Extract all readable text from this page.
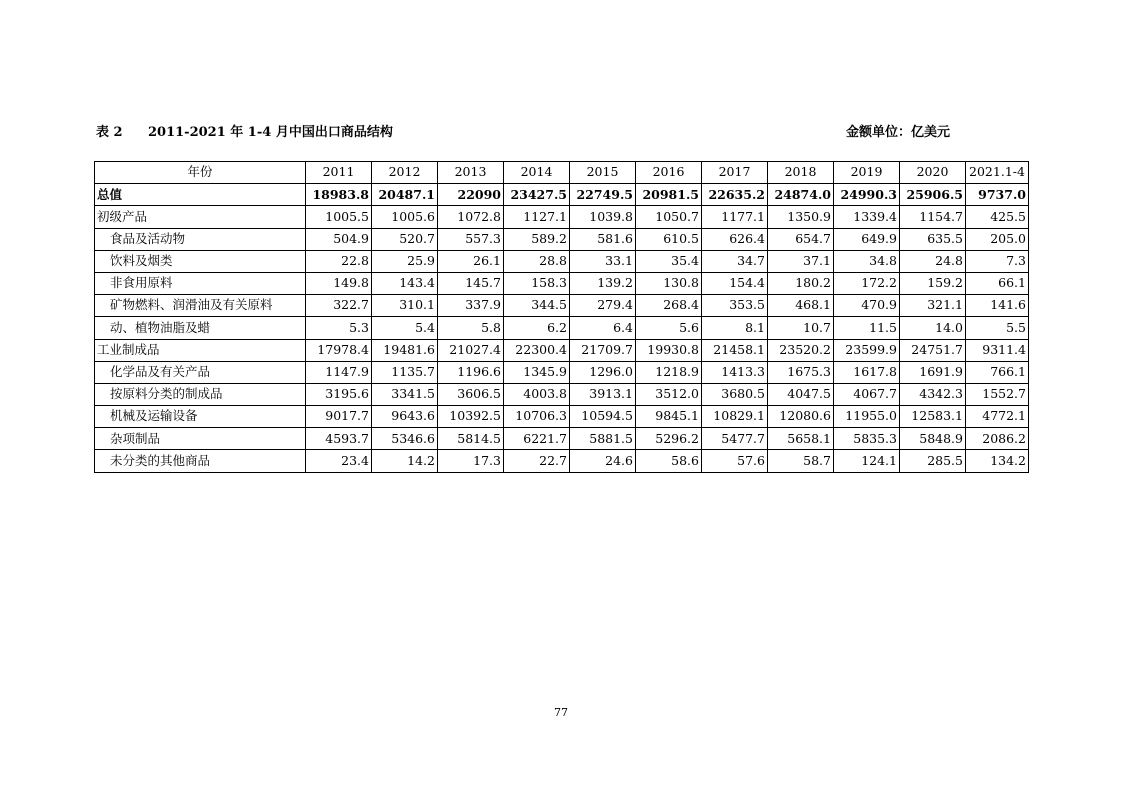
表 2 2011-2021 年 1-4 月中国出口商品结构	金额单位：亿美元
年份	2011	2012	2013	2014	2015	2016	2017	2018	2019	2020	2021.1-4
总值	18983.8	20487.1	22090	23427.5	22749.5	20981.5	22635.2	24874.0	24990.3	25906.5	9737.0
初级产品	1005.5	1005.6	1072.8	1127.1	1039.8	1050.7	1177.1	1350.9	1339.4	1154.7	425.5
食品及活动物	504.9	520.7	557.3	589.2	581.6	610.5	626.4	654.7	649.9	635.5	205.0
饮料及烟类	22.8	25.9	26.1	28.8	33.1	35.4	34.7	37.1	34.8	24.8	7.3
非食用原料	149.8	143.4	145.7	158.3	139.2	130.8	154.4	180.2	172.2	159.2	66.1
矿物燃料、润滑油及有关原料	322.7	310.1	337.9	344.5	279.4	268.4	353.5	468.1	470.9	321.1	141.6
动、植物油脂及蜡	5.3	5.4	5.8	6.2	6.4	5.6	8.1	10.7	11.5	14.0	5.5
工业制成品	17978.4	19481.6	21027.4	22300.4	21709.7	19930.8	21458.1	23520.2	23599.9	24751.7	9311.4
化学品及有关产品	1147.9	1135.7	1196.6	1345.9	1296.0	1218.9	1413.3	1675.3	1617.8	1691.9	766.1
按原料分类的制成品	3195.6	3341.5	3606.5	4003.8	3913.1	3512.0	3680.5	4047.5	4067.7	4342.3	1552.7
机械及运输设备	9017.7	9643.6	10392.5	10706.3	10594.5	9845.1	10829.1	12080.6	11955.0	12583.1	4772.1
杂项制品	4593.7	5346.6	5814.5	6221.7	5881.5	5296.2	5477.7	5658.1	5835.3	5848.9	2086.2
未分类的其他商品	23.4	14.2	17.3	22.7	24.6	58.6	57.6	58.7	124.1	285.5	134.2
77
